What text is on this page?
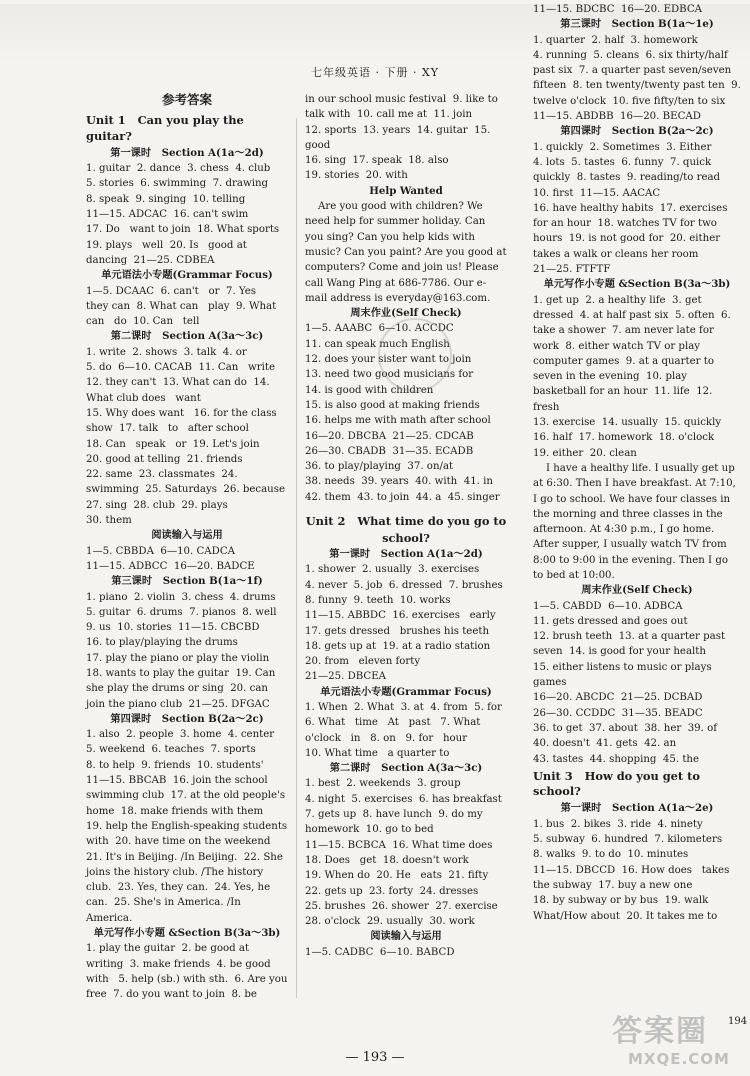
七年级英语 · 下册 · XY
参考答案
Unit 1   Can you play the guitar?
第一课时   Section A(1a～2d)
1. guitar  2. dance  3. chess  4. club
5. stories  6. swimming  7. drawing
8. speak  9. singing  10. telling
11—15. ADCAC  16. can't swim
17. Do   want to join  18. What sports
19. plays   well  20. Is   good at dancing  21—25. CDBEA
单元语法小专题(Grammar Focus)
1—5. DCAAC  6. can't   or  7. Yes   they can  8. What can   play  9. What   can   do  10. Can   tell
第二课时   Section A(3a～3c)
1. write  2. shows  3. talk  4. or
5. do  6—10. CACAB  11. Can   write  12. they can't  13. What can do  14. What club does   want
15. Why does want   16. for the class show  17. talk   to   after school
18. Can   speak   or  19. Let's join
20. good at telling  21. friends
22. same  23. classmates  24. swimming  25. Saturdays  26. because
27. sing  28. club  29. plays
30. them
阅读输入与运用
1—5. CBBDA  6—10. CADCA
11—15. ADBCC  16—20. BADCE
第三课时   Section B(1a～1f)
1. piano  2. violin  3. chess  4. drums
5. guitar  6. drums  7. pianos  8. well
9. us  10. stories  11—15. CBCBD
16. to play/playing the drums
17. play the piano or play the violin
18. wants to play the guitar  19. Can she play the drums or sing  20. can join the piano club  21—25. DFGAC
第四课时   Section B(2a～2c)
1. also  2. people  3. home  4. center
5. weekend  6. teaches  7. sports
8. to help  9. friends  10. students'
11—15. BBCAB  16. join the school swimming club  17. at the old people's home  18. make friends with them
19. help the English-speaking students with  20. have time on the weekend
21. It's in Beijing. /In Beijing.  22. She joins the history club. /The history club.  23. Yes, they can.  24. Yes, he can.  25. She's in America. /In America.
单元写作小专题 &Section B(3a～3b)
1. play the guitar  2. be good at writing  3. make friends  4. be good with   5. help (sb.) with sth.  6. Are you free  7. do you want to join  8. be
in our school music festival  9. like to talk with  10. call me at  11. join
12. sports  13. years  14. guitar  15. good
16. sing  17. speak  18. also
19. stories  20. with
Help Wanted
Are you good with children? We need help for summer holiday. Can you sing? Can you help kids with music? Can you paint? Are you good at computers? Come and join us! Please call Wang Ping at 686-7786. Our e-mail address is everyday@163.com.
周末作业(Self Check)
1—5. AAABC  6—10. ACCDC
11. can speak much English
12. does your sister want to join
13. need two good musicians for
14. is good with children
15. is also good at making friends
16. helps me with math after school
16—20. DBCBA  21—25. CDCAB
26—30. CBADB  31—35. ECADB
36. to play/playing  37. on/at
38. needs  39. years  40. with  41. in
42. them  43. to join  44. a  45. singer
Unit 2   What time do you go to school?
第一课时   Section A(1a～2d)
1. shower  2. usually  3. exercises
4. never  5. job  6. dressed  7. brushes  8. funny  9. teeth  10. works
11—15. ABBDC  16. exercises   early
17. gets dressed   brushes his teeth
18. gets up at  19. at a radio station
20. from   eleven forty
21—25. DBCEA
单元语法小专题(Grammar Focus)
1. When  2. What  3. at  4. from  5. for
6. What   time   At   past   7. What o'clock   in   8. on   9. for   hour
10. What time   a quarter to
第二课时   Section A(3a～3c)
1. best  2. weekends  3. group
4. night  5. exercises  6. has breakfast
7. gets up  8. have lunch  9. do my homework  10. go to bed
11—15. BCBCA  16. What time does
18. Does   get  18. doesn't work
19. When do  20. He   eats  21. fifty
22. gets up  23. forty  24. dresses
25. brushes  26. shower  27. exercise
28. o'clock  29. usually  30. work
阅读输入与运用
1—5. CADBC  6—10. BABCD
11—15. BDCBC  16—20. EDBCA
第三课时   Section B(1a～1e)
1. quarter  2. half  3. homework
4. running  5. cleans  6. six thirty/half past six  7. a quarter past seven/seven fifteen  8. ten twenty/twenty past ten  9. twelve o'clock  10. five fifty/ten to six
11—15. ABDBB  16—20. BECAD
第四课时   Section B(2a～2c)
1. quickly  2. Sometimes  3. Either
4. lots  5. tastes  6. funny  7. quick   quickly  8. tastes  9. reading/to read  10. first  11—15. AACAC
16. have healthy habits  17. exercises for an hour  18. watches TV for two hours  19. is not good for  20. either takes a walk or cleans her room
21—25. FTFTF
单元写作小专题 &Section B(3a～3b)
1. get up  2. a healthy life  3. get dressed  4. at half past six  5. often  6. take a shower  7. am never late for work  8. either watch TV or play computer games  9. at a quarter to seven in the evening  10. play basketball for an hour  11. life  12. fresh
13. exercise  14. usually  15. quickly
16. half  17. homework  18. o'clock
19. either  20. clean
I have a healthy life. I usually get up at 6:30. Then I have breakfast. At 7:10, I go to school. We have four classes in the morning and three classes in the afternoon. At 4:30 p.m., I go home. After supper, I usually watch TV from 8:00 to 9:00 in the evening. Then I go to bed at 10:00.
周末作业(Self Check)
1—5. CABDD  6—10. ADBCA
11. gets dressed and goes out
12. brush teeth  13. at a quarter past seven  14. is good for your health
15. either listens to music or plays games
16—20. ABCDC  21—25. DCBAD
26—30. CCDDC  31—35. BEADC
36. to get  37. about  38. her  39. of
40. doesn't  41. gets  42. an
43. tastes  44. shopping  45. the
Unit 3   How do you get to school?
第一课时   Section A(1a～2e)
1. bus  2. bikes  3. ride  4. ninety
5. subway  6. hundred  7. kilometers
8. walks  9. to do  10. minutes
11—15. DBCCD  16. How does   takes the subway  17. buy a new one
18. by subway or by bus  19. walk
What/How about  20. It takes me to
— 193 —
答案圈
MXQE.COM
194
